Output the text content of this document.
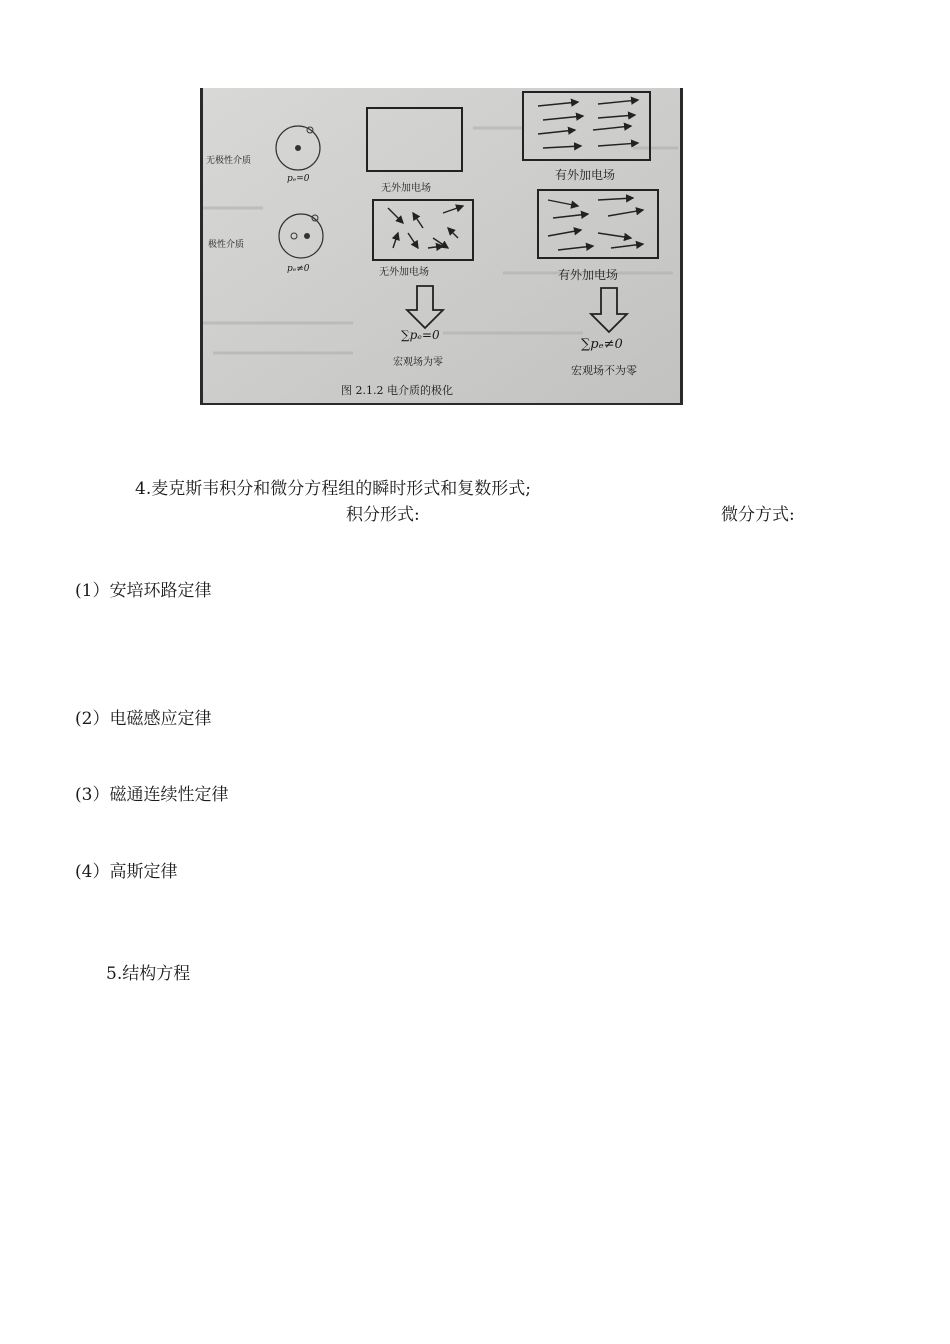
无极性介质
pₑ=0
极性介质
pₑ≠0
无外加电场
有外加电场
无外加电场	有外加电场
∑pₑ=0
∑pₑ≠0
宏观场为零
宏观场不为零
图 2.1.2 电介质的极化
4.麦克斯韦积分和微分方程组的瞬时形式和复数形式;
积分形式:	微分方式:
(1）安培环路定律
(2）电磁感应定律
(3）磁通连续性定律
(4）高斯定律
5.结构方程
